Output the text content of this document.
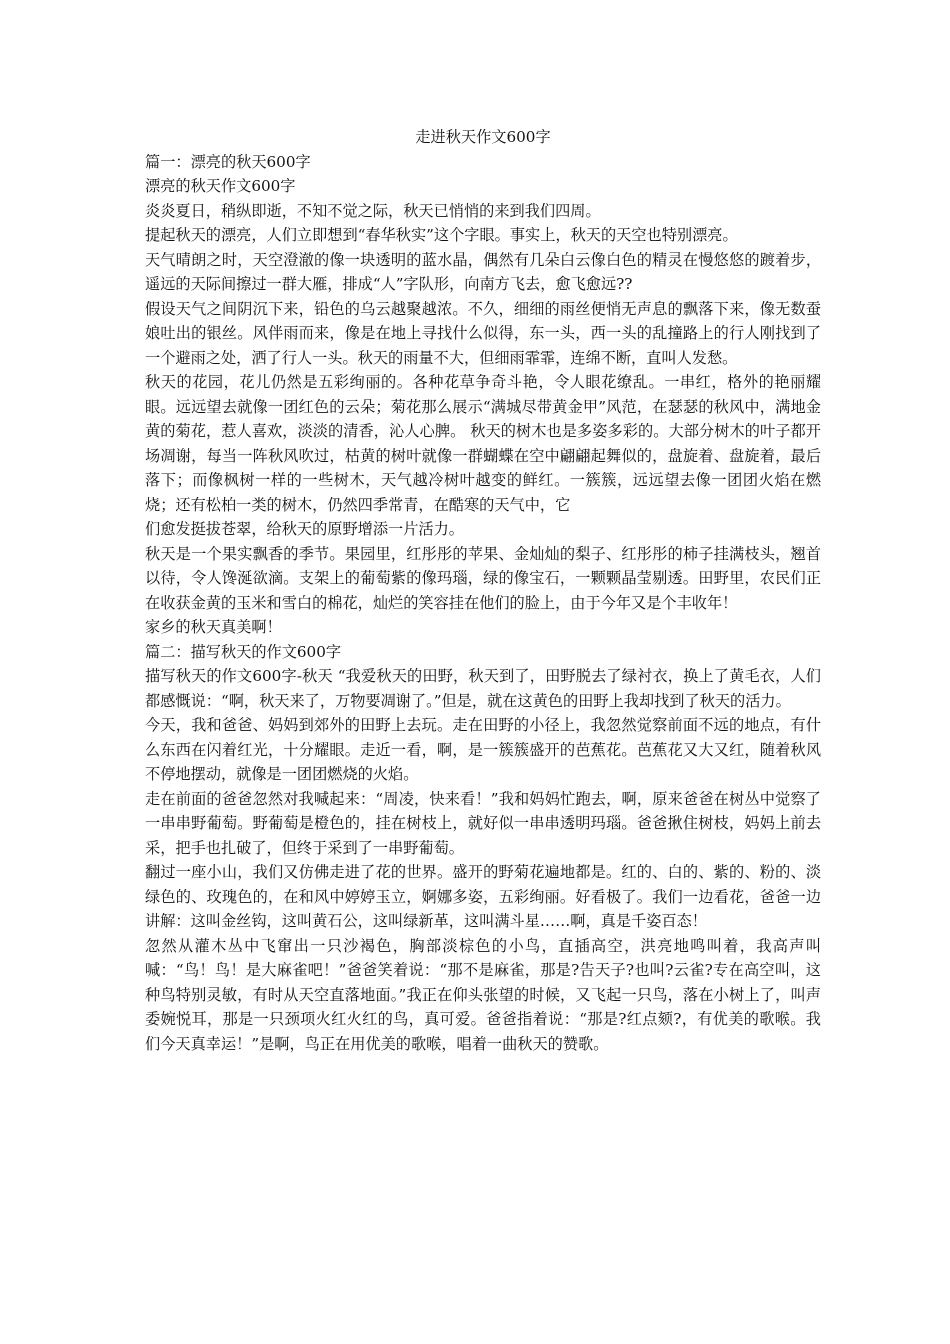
走进秋天作文600字

篇一：漂亮的秋天600字

漂亮的秋天作文600字

炎炎夏日，稍纵即逝，不知不觉之际，秋天已悄悄的来到我们四周。

提起秋天的漂亮，人们立即想到“春华秋实”这个字眼。事实上，秋天的天空也特别漂亮。

天气晴朗之时，天空澄澈的像一块透明的蓝水晶，偶然有几朵白云像白色的精灵在慢悠悠的踱着步，遥远的天际间擦过一群大雁，排成“人”字队形，向南方飞去，愈飞愈远??

假设天气之间阴沉下来，铅色的乌云越聚越浓。不久，细细的雨丝便悄无声息的飘落下来，像无数蚕娘吐出的银丝。风伴雨而来，像是在地上寻找什么似得，东一头，西一头的乱撞路上的行人刚找到了一个避雨之处，洒了行人一头。秋天的雨量不大，但细雨霏霏，连绵不断，直叫人发愁。

秋天的花园，花儿仍然是五彩绚丽的。各种花草争奇斗艳，令人眼花缭乱。一串红，格外的艳丽耀眼。远远望去就像一团红色的云朵；菊花那么展示“满城尽带黄金甲”风范，在瑟瑟的秋风中，满地金黄的菊花，惹人喜欢，淡淡的清香，沁人心脾。 秋天的树木也是多姿多彩的。大部分树木的叶子都开场凋谢，每当一阵秋风吹过，枯黄的树叶就像一群蝴蝶在空中翩翩起舞似的，盘旋着、盘旋着，最后落下；而像枫树一样的一些树木，天气越冷树叶越变的鲜红。一簇簇，远远望去像一团团火焰在燃烧；还有松柏一类的树木，仍然四季常青，在酷寒的天气中，它

们愈发挺拔苍翠，给秋天的原野增添一片活力。

秋天是一个果实飘香的季节。果园里，红彤彤的苹果、金灿灿的梨子、红彤彤的柿子挂满枝头，翘首以待，令人馋涎欲滴。支架上的葡萄紫的像玛瑙，绿的像宝石，一颗颗晶莹剔透。田野里，农民们正在收获金黄的玉米和雪白的棉花，灿烂的笑容挂在他们的脸上，由于今年又是个丰收年！

家乡的秋天真美啊！

篇二：描写秋天的作文600字

描写秋天的作文600字-秋天 “我爱秋天的田野，秋天到了，田野脱去了绿衬衣，换上了黄毛衣，人们都感慨说：“啊，秋天来了，万物要凋谢了。”但是，就在这黄色的田野上我却找到了秋天的活力。

今天，我和爸爸、妈妈到郊外的田野上去玩。走在田野的小径上，我忽然觉察前面不远的地点，有什么东西在闪着红光，十分耀眼。走近一看，啊，是一簇簇盛开的芭蕉花。芭蕉花又大又红，随着秋风不停地摆动，就像是一团团燃烧的火焰。

走在前面的爸爸忽然对我喊起来：“周凌，快来看！”我和妈妈忙跑去，啊，原来爸爸在树丛中觉察了一串串野葡萄。野葡萄是橙色的，挂在树枝上，就好似一串串透明玛瑙。爸爸揪住树枝，妈妈上前去采，把手也扎破了，但终于采到了一串野葡萄。

翻过一座小山，我们又仿佛走进了花的世界。盛开的野菊花遍地都是。红的、白的、紫的、粉的、淡绿色的、玫瑰色的，在和风中婷婷玉立，婀娜多姿，五彩绚丽。好看极了。我们一边看花，爸爸一边讲解：这叫金丝钩，这叫黄石公，这叫绿新革，这叫满斗星……啊，真是千姿百态！

忽然从灌木丛中飞窜出一只沙褐色，胸部淡棕色的小鸟，直插高空，洪亮地鸣叫着，我高声叫喊：“鸟！鸟！是大麻雀吧！”爸爸笑着说：“那不是麻雀，那是?告天子?也叫?云雀?专在高空叫，这种鸟特别灵敏，有时从天空直落地面。”我正在仰头张望的时候，又飞起一只鸟，落在小树上了，叫声委婉悦耳，那是一只颈项火红火红的鸟，真可爱。爸爸指着说：“那是?红点颏?，有优美的歌喉。我们今天真幸运！”是啊，鸟正在用优美的歌喉，唱着一曲秋天的赞歌。
